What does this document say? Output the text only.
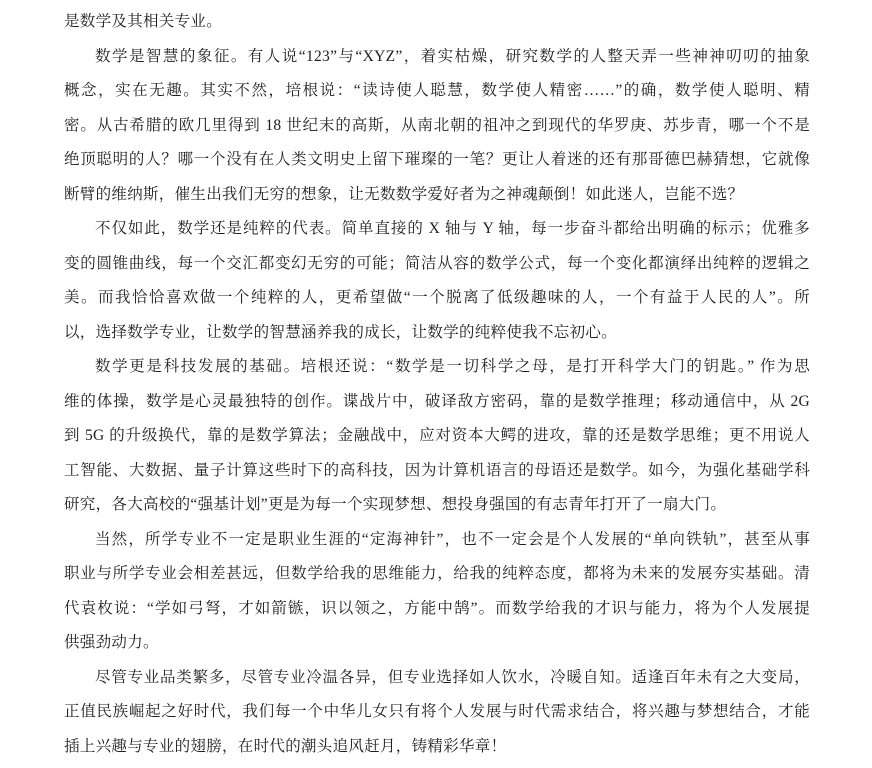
是数学及其相关专业。
数学是智慧的象征。有人说“123”与“XYZ”，着实枯燥，研究数学的人整天弄一些神神叨叨的抽象
概念，实在无趣。其实不然，培根说：“读诗使人聪慧，数学使人精密……”的确，数学使人聪明、精
密。从古希腊的欧几里得到 18 世纪末的高斯，从南北朝的祖冲之到现代的华罗庚、苏步青，哪一个不是
绝顶聪明的人？哪一个没有在人类文明史上留下璀璨的一笔？更让人着迷的还有那哥德巴赫猜想，它就像
断臂的维纳斯，催生出我们无穷的想象，让无数数学爱好者为之神魂颠倒！如此迷人，岂能不选？
不仅如此，数学还是纯粹的代表。简单直接的 X 轴与 Y 轴，每一步奋斗都给出明确的标示；优雅多
变的圆锥曲线，每一个交汇都变幻无穷的可能；简洁从容的数学公式，每一个变化都演绎出纯粹的逻辑之
美。而我恰恰喜欢做一个纯粹的人，更希望做“一个脱离了低级趣味的人，一个有益于人民的人”。所
以，选择数学专业，让数学的智慧涵养我的成长，让数学的纯粹使我不忘初心。
数学更是科技发展的基础。培根还说：“数学是一切科学之母，是打开科学大门的钥匙。” 作为思
维的体操，数学是心灵最独特的创作。谍战片中，破译敌方密码，靠的是数学推理；移动通信中，从 2G
到 5G 的升级换代，靠的是数学算法；金融战中，应对资本大鳄的进攻，靠的还是数学思维；更不用说人
工智能、大数据、量子计算这些时下的高科技，因为计算机语言的母语还是数学。如今，为强化基础学科
研究，各大高校的“强基计划”更是为每一个实现梦想、想投身强国的有志青年打开了一扇大门。
当然，所学专业不一定是职业生涯的“定海神针”，也不一定会是个人发展的“单向铁轨”，甚至从事
职业与所学专业会相差甚远，但数学给我的思维能力，给我的纯粹态度，都将为未来的发展夯实基础。清
代袁枚说：“学如弓弩，才如箭镞，识以领之，方能中鹄”。而数学给我的才识与能力，将为个人发展提
供强劲动力。
尽管专业品类繁多，尽管专业冷温各异，但专业选择如人饮水，冷暖自知。适逢百年未有之大变局，
正值民族崛起之好时代，我们每一个中华儿女只有将个人发展与时代需求结合，将兴趣与梦想结合，才能
插上兴趣与专业的翅膀，在时代的潮头追风赶月，铸精彩华章！
